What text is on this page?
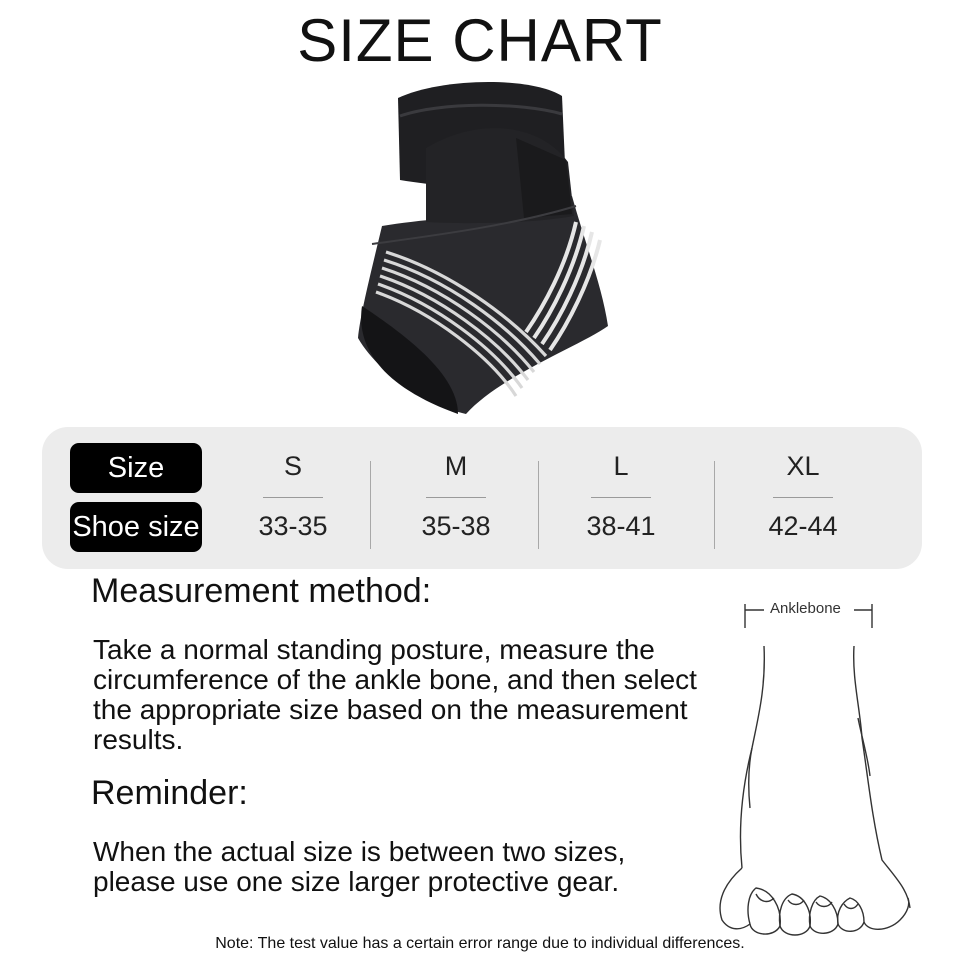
SIZE CHART
Size
Shoe size
S
33-35
M
35-38
L
38-41
XL
42-44
Measurement method:
Take a normal standing posture, measure the circumference of the ankle bone, and then select the appropriate size based on the measurement results.
Reminder:
When the actual size is between two sizes, please use one size larger protective gear.
Anklebone
Note: The test value has a certain error range due to individual differences.
